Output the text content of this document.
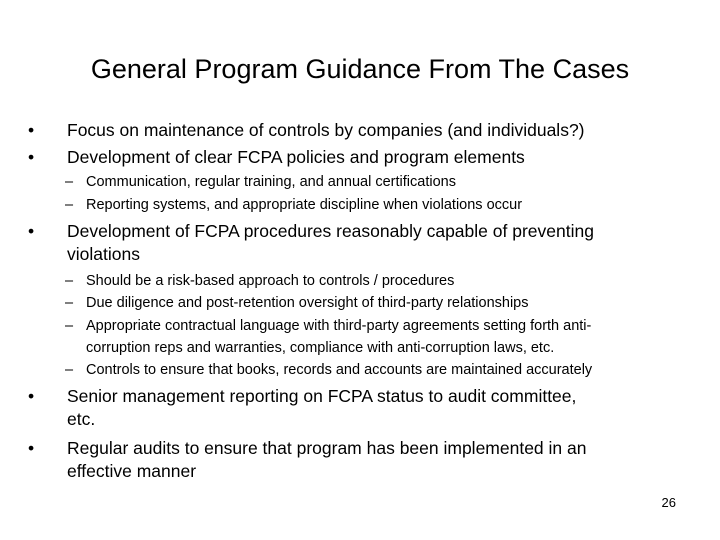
General Program Guidance From The Cases
• Focus on maintenance of controls by companies (and individuals?)
• Development of clear FCPA policies and program elements
– Communication, regular training, and annual certifications
– Reporting systems, and appropriate discipline when violations occur
• Development of FCPA procedures reasonably capable of preventing
violations
– Should be a risk-based approach to controls / procedures
– Due diligence and post-retention oversight of third-party relationships
– Appropriate contractual language with third-party agreements setting forth anti-
corruption reps and warranties, compliance with anti-corruption laws, etc.
– Controls to ensure that books, records and accounts are maintained accurately
• Senior management reporting on FCPA status to audit committee,
etc.
• Regular audits to ensure that program has been implemented in an
effective manner
26
